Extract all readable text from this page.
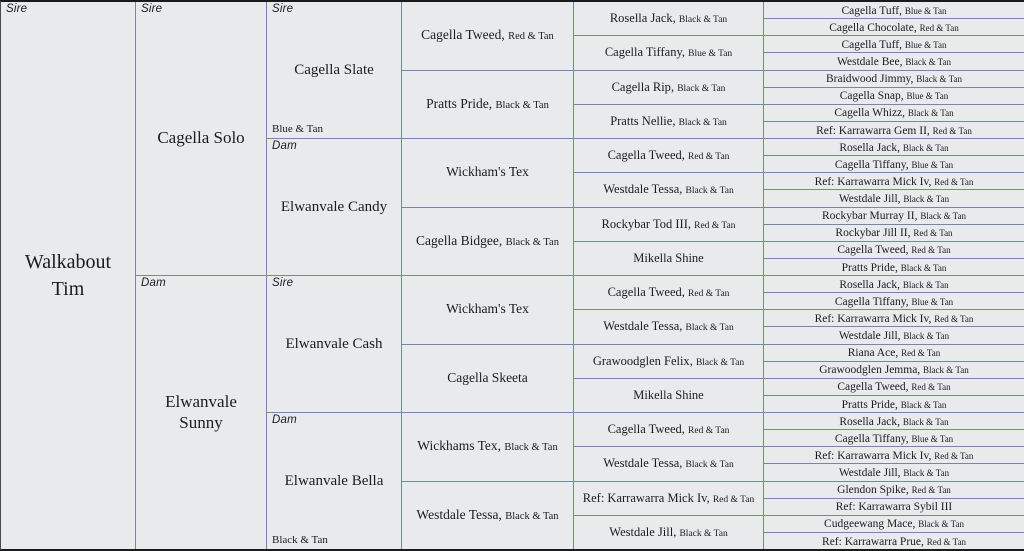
Sire
Walkabout Tim
Sire
Cagella Solo
Dam
Elwanvale Sunny
Sire
Cagella Slate
Blue & Tan
Dam
Elwanvale Candy
Sire
Elwanvale Cash
Dam
Elwanvale Bella
Black & Tan
Cagella Tweed, Red & Tan
Pratts Pride, Black & Tan
Wickham's Tex
Cagella Bidgee, Black & Tan
Wickham's Tex
Cagella Skeeta
Wickhams Tex, Black & Tan
Westdale Tessa, Black & Tan
Rosella Jack, Black & Tan
Cagella Tiffany, Blue & Tan
Cagella Rip, Black & Tan
Pratts Nellie, Black & Tan
Cagella Tweed, Red & Tan
Westdale Tessa, Black & Tan
Rockybar Tod III, Red & Tan
Mikella Shine
Cagella Tweed, Red & Tan
Westdale Tessa, Black & Tan
Grawoodglen Felix, Black & Tan
Mikella Shine
Cagella Tweed, Red & Tan
Westdale Tessa, Black & Tan
Ref: Karrawarra Mick Iv, Red & Tan
Westdale Jill, Black & Tan
Cagella Tuff, Blue & Tan
Cagella Chocolate, Red & Tan
Cagella Tuff, Blue & Tan
Westdale Bee, Black & Tan
Braidwood Jimmy, Black & Tan
Cagella Snap, Blue & Tan
Cagella Whizz, Black & Tan
Ref: Karrawarra Gem II, Red & Tan
Rosella Jack, Black & Tan
Cagella Tiffany, Blue & Tan
Ref: Karrawarra Mick Iv, Red & Tan
Westdale Jill, Black & Tan
Rockybar Murray II, Black & Tan
Rockybar Jill II, Red & Tan
Cagella Tweed, Red & Tan
Pratts Pride, Black & Tan
Rosella Jack, Black & Tan
Cagella Tiffany, Blue & Tan
Ref: Karrawarra Mick Iv, Red & Tan
Westdale Jill, Black & Tan
Riana Ace, Red & Tan
Grawoodglen Jemma, Black & Tan
Cagella Tweed, Red & Tan
Pratts Pride, Black & Tan
Rosella Jack, Black & Tan
Cagella Tiffany, Blue & Tan
Ref: Karrawarra Mick Iv, Red & Tan
Westdale Jill, Black & Tan
Glendon Spike, Red & Tan
Ref: Karrawarra Sybil III
Cudgeewang Mace, Black & Tan
Ref: Karrawarra Prue, Red & Tan
